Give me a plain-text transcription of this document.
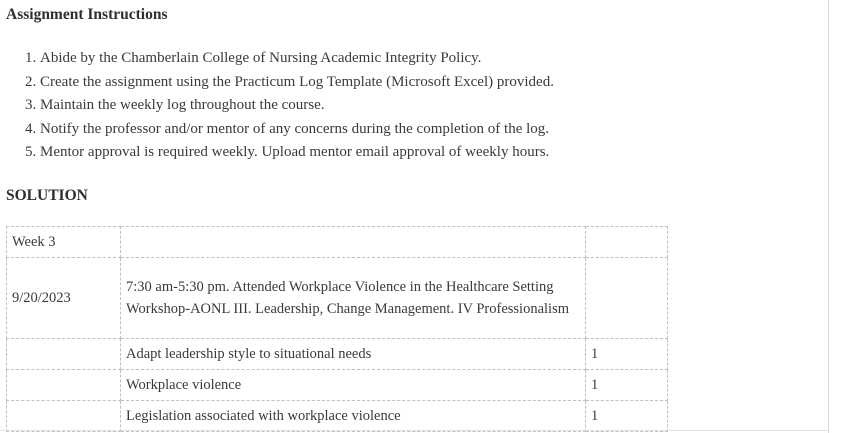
Assignment Instructions
Abide by the Chamberlain College of Nursing Academic Integrity Policy.
Create the assignment using the Practicum Log Template (Microsoft Excel) provided.
Maintain the weekly log throughout the course.
Notify the professor and/or mentor of any concerns during the completion of the log.
Mentor approval is required weekly. Upload mentor email approval of weekly hours.
SOLUTION
Week 3		
9/20/2023	7:30 am-5:30 pm. Attended Workplace Violence in the Healthcare Setting Workshop-AONL III. Leadership, Change Management. IV Professionalism	
	Adapt leadership style to situational needs	1
	Workplace violence	1
	Legislation associated with workplace violence	1
